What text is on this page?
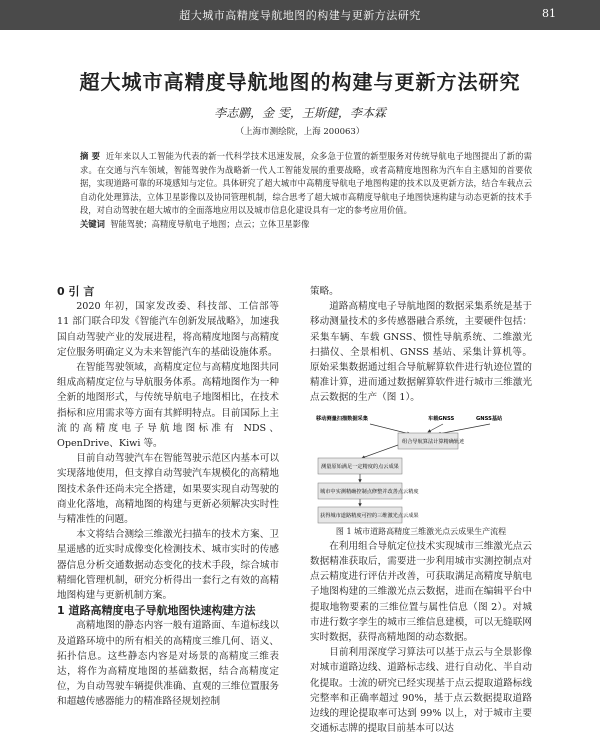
超大城市高精度导航地图的构建与更新方法研究	81
超大城市高精度导航地图的构建与更新方法研究
李志鹏，金 雯，王斯健，李本霖
（上海市测绘院，上海 200063）
摘 要 近年来以人工智能为代表的新一代科学技术迅速发展，众多急于位置的新型服务对传统导航电子地图提出了新的需求。在交通与汽车领域，智能驾驶作为战略新一代人工智能发展的重要战略，或者高精度地图称为汽车自主感知的首要依据，实现道路可靠的环境感知与定位。具体研究了超大城市中高精度导航电子地图构建的技术以及更新方法，结合车载点云自动化处理算法，立体卫星影像以及协同管理机制，综合思考了超大城市高精度导航电子地图快速构建与动态更新的技术手段，对自动驾驶在超大城市的全面落地应用以及城市信息化建设具有一定的参考应用价值。
关键词 智能驾驶；高精度导航电子地图；点云；立体卫星影像

0 引 言

2020 年初，国家发改委、科技部、工信部等 11 部门联合印发《智能汽车创新发展战略》，加速我国自动驾驶产业的发展进程，将高精度地图与高精度定位服务明确定义为未来智能汽车的基础设施体系。

在智能驾驶领域，高精度定位与高精度地图共同组成高精度定位与导航服务体系。高精地图作为一种全新的地图形式，与传统导航电子地图相比，在技术指标和应用需求等方面有其鲜明特点。目前国际上主流的高精度电子导航地图标准有 NDS、OpenDrive、Kiwi 等。

目前自动驾驶汽车在智能驾驶示范区内基本可以实现落地使用，但支撑自动驾驶汽车规模化的高精地图技术条件还尚未完全搭建，如果要实现自动驾驶的商业化落地，高精地图的构建与更新必须解决实时性与精准性的问题。

本文将结合测绘三维激光扫描车的技术方案、卫星遥感的近实时成像变化检测技术、城市实时的传感器信息分析交通数据动态变化的技术手段，综合城市精细化管理机制，研究分析得出一套行之有效的高精地图构建与更新机制方案。

1 道路高精度电子导航地图快速构建方法

高精地图的静态内容一般有道路面、车道标线以及道路环境中的所有相关的高精度三维几何、语义、拓扑信息。这些静态内容是对场景的高精度三维表达，将作为高精度地图的基础数据，结合高精度定位，为自动驾驶车辆提供准确、直观的三维位置服务和超越传感器能力的精准路径规划控制

策略。

道路高精度电子导航地图的数据采集系统是基于移动测量技术的多传感器融合系统，主要硬件包括：采集车辆、车载 GNSS、惯性导航系统、二维激光扫描仪、全景相机、GNSS 基站、采集计算机等。原始采集数据通过组合导航解算软件进行轨迹位置的精准计算，进而通过数据解算软件进行城市三维激光点云数据的生产（图 1）。

移动测量扫描数据采集	车载GNSS	GNSS基站
组合导航算法计算精确轨迹
测量原始满足一定精度的点云成果
城市中实测精确控制点修整并改善点云精度
获得城市道路精度可控的三维激光点云成果

图 1 城市道路高精度三维激光点云成果生产流程

在利用组合导航定位技术实现城市三维激光点云数据精准获取后，需要进一步利用城市实测控制点对点云精度进行评估并改善，可获取满足高精度导航电子地图构建的三维激光点云数据，进而在编辑平台中提取地物要素的三维位置与属性信息（图 2）。对城市进行数字孪生的城市三维信息建模，可以无缝联网实时数据，获得高精地图的动态数据。

目前利用深度学习算法可以基于点云与全景影像对城市道路边线、道路标志线、进行自动化、半自动化提取。士流的研究已经实现基于点云提取道路标线完整率和正确率超过 90%，基于点云数据提取道路边线的理论提取率可达到 99% 以上，对于城市主要交通标志牌的提取目前基本可以达
